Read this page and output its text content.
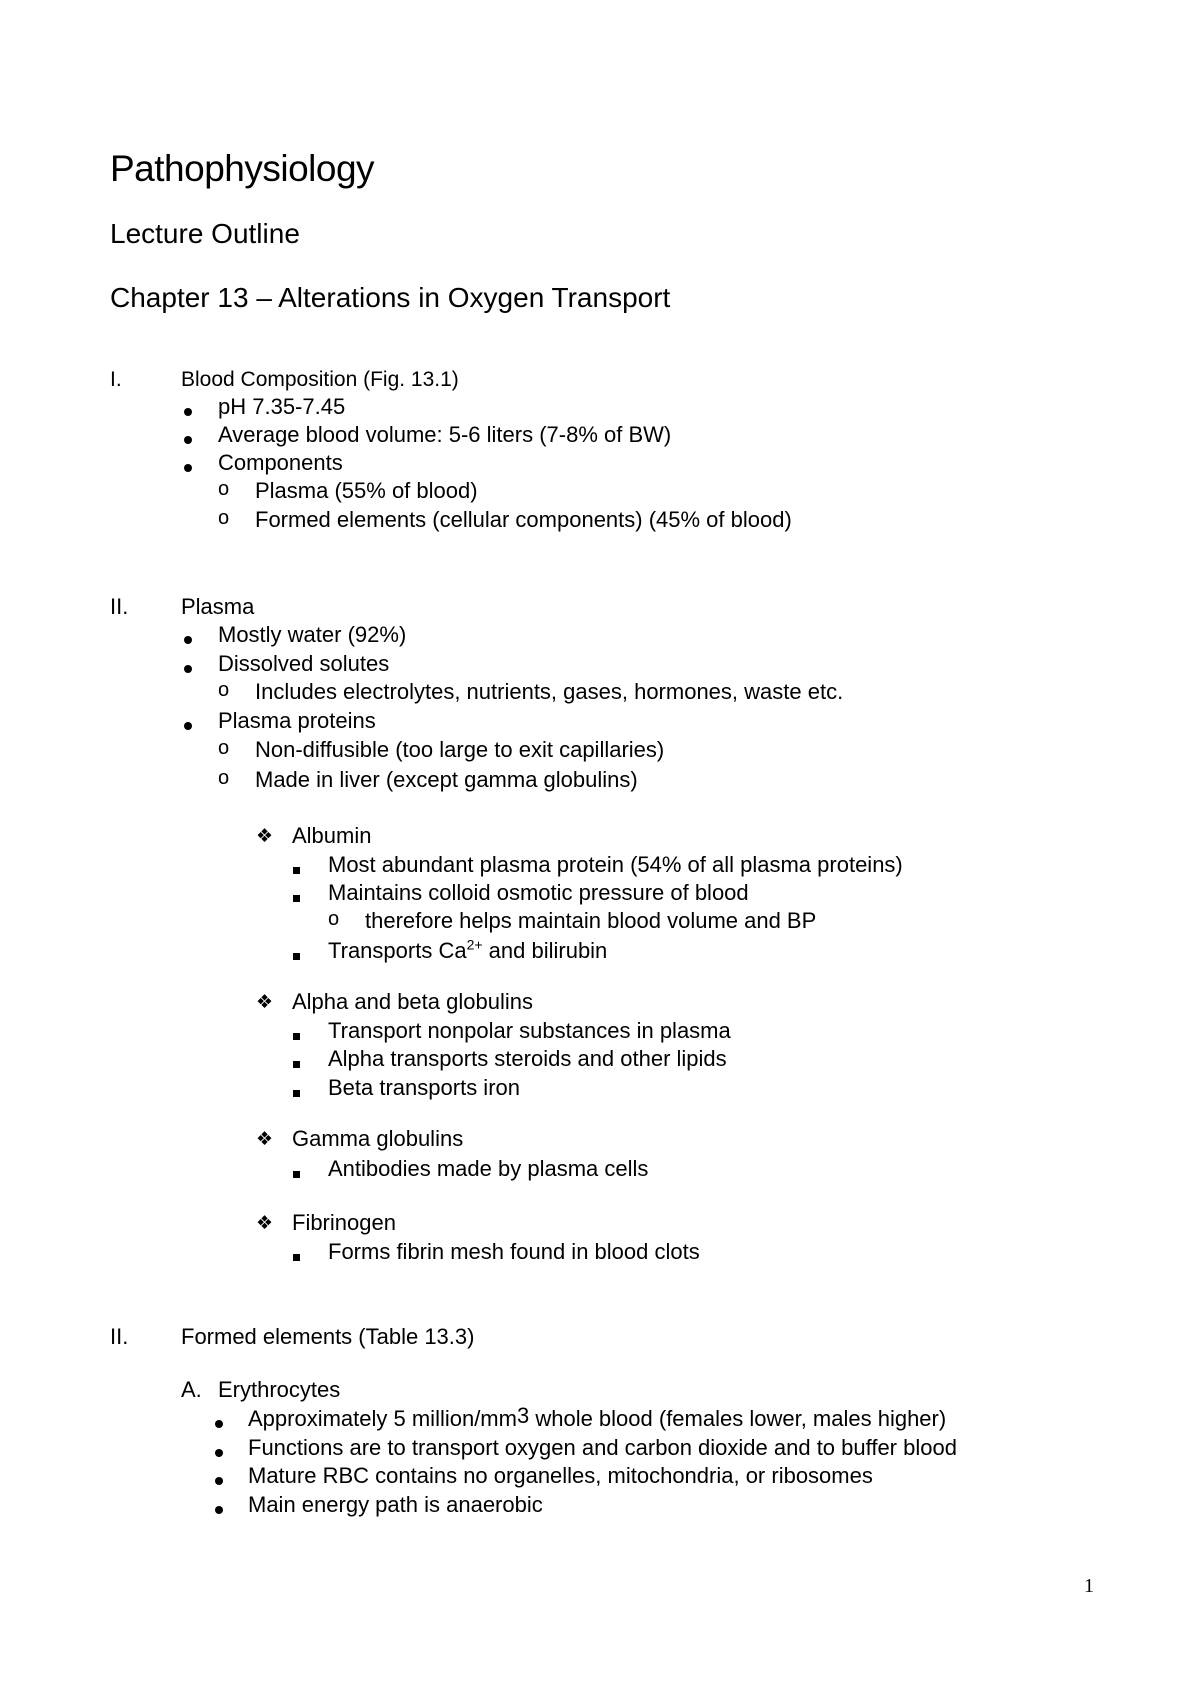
Pathophysiology
Lecture Outline
Chapter 13 – Alterations in Oxygen Transport
I.	Blood Composition (Fig. 13.1)
pH 7.35-7.45
Average blood volume: 5-6 liters (7-8% of BW)
Components
o Plasma (55% of blood)
o Formed elements (cellular components) (45% of blood)
II. Plasma
Mostly water (92%)
Dissolved solutes
o Includes electrolytes, nutrients, gases, hormones, waste etc.
Plasma proteins
o Non-diffusible (too large to exit capillaries)
o Made in liver (except gamma globulins)
❖ Albumin
Most abundant plasma protein (54% of all plasma proteins)
Maintains colloid osmotic pressure of blood
o therefore helps maintain blood volume and BP
Transports $Ca^{2+}$ and bilirubin
❖ Alpha and beta globulins
Transport nonpolar substances in plasma
Alpha transports steroids and other lipids
Beta transports iron
❖ Gamma globulins
Antibodies made by plasma cells
❖ Fibrinogen
Forms fibrin mesh found in blood clots
II. Formed elements (Table 13.3)
A. Erythrocytes
Approximately 5 million/mm3 whole blood (females lower, males higher)
Functions are to transport oxygen and carbon dioxide and to buffer blood
Mature RBC contains no organelles, mitochondria, or ribosomes
Main energy path is anaerobic
1
